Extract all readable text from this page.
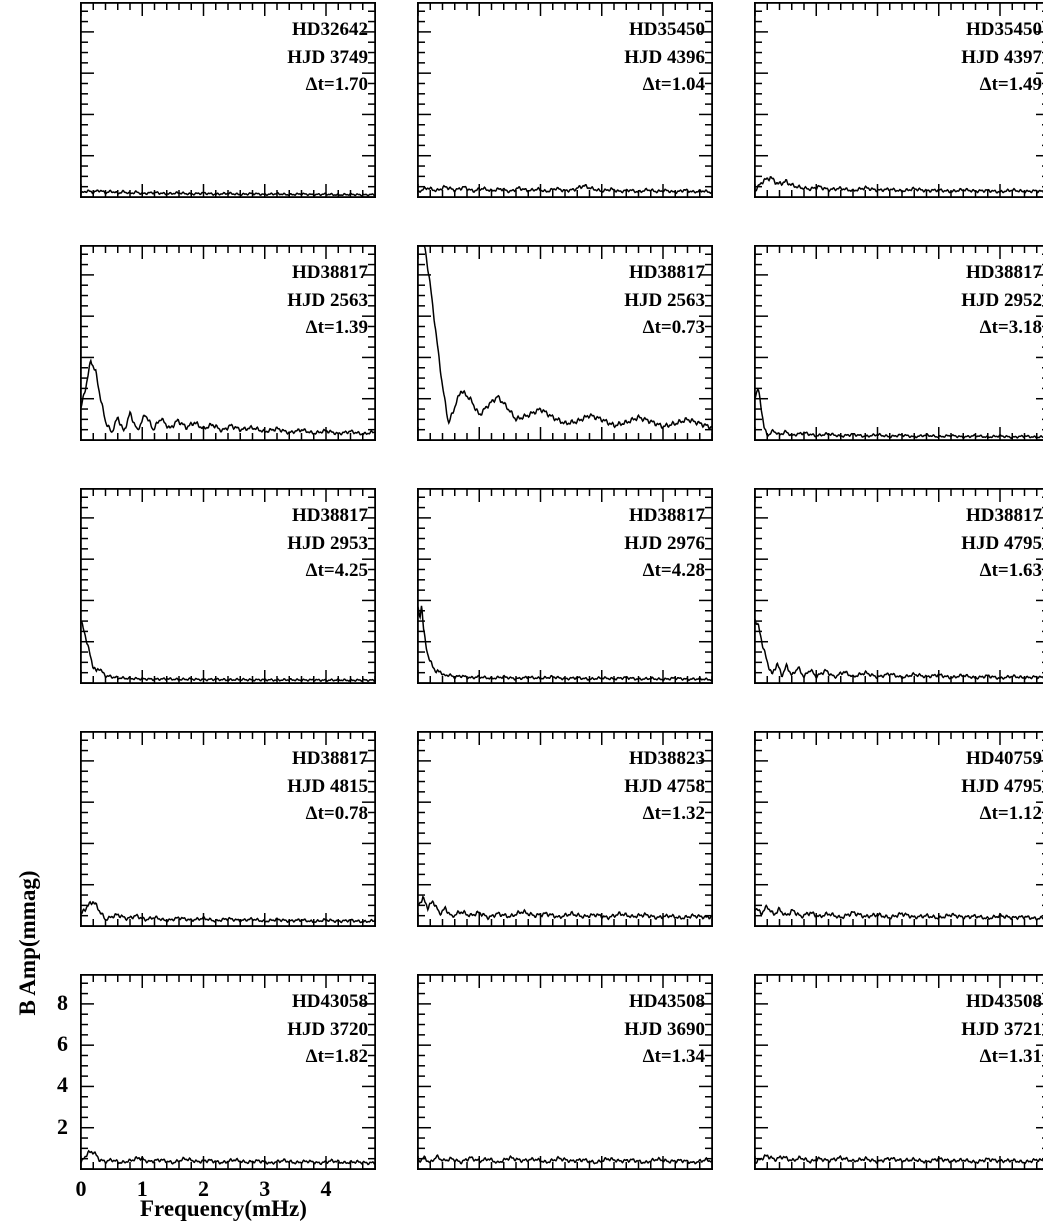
B Amp(mmag)
Frequency(mHz)
HD32642
HJD 3749
Δt=1.70
HD35450
HJD 4396
Δt=1.04
HD35450
HJD 4397
Δt=1.49
HD38817
HJD 2563
Δt=1.39
HD38817
HJD 2563
Δt=0.73
HD38817
HJD 2952
Δt=3.18
HD38817
HJD 2953
Δt=4.25
HD38817
HJD 2976
Δt=4.28
HD38817
HJD 4795
Δt=1.63
HD38817
HJD 4815
Δt=0.78
HD38823
HJD 4758
Δt=1.32
HD40759
HJD 4795
Δt=1.12
HD43058
HJD 3720
Δt=1.82
HD43508
HJD 3690
Δt=1.34
HD43508
HJD 3721
Δt=1.31
0	1	2	3	4
2
4
6
8
